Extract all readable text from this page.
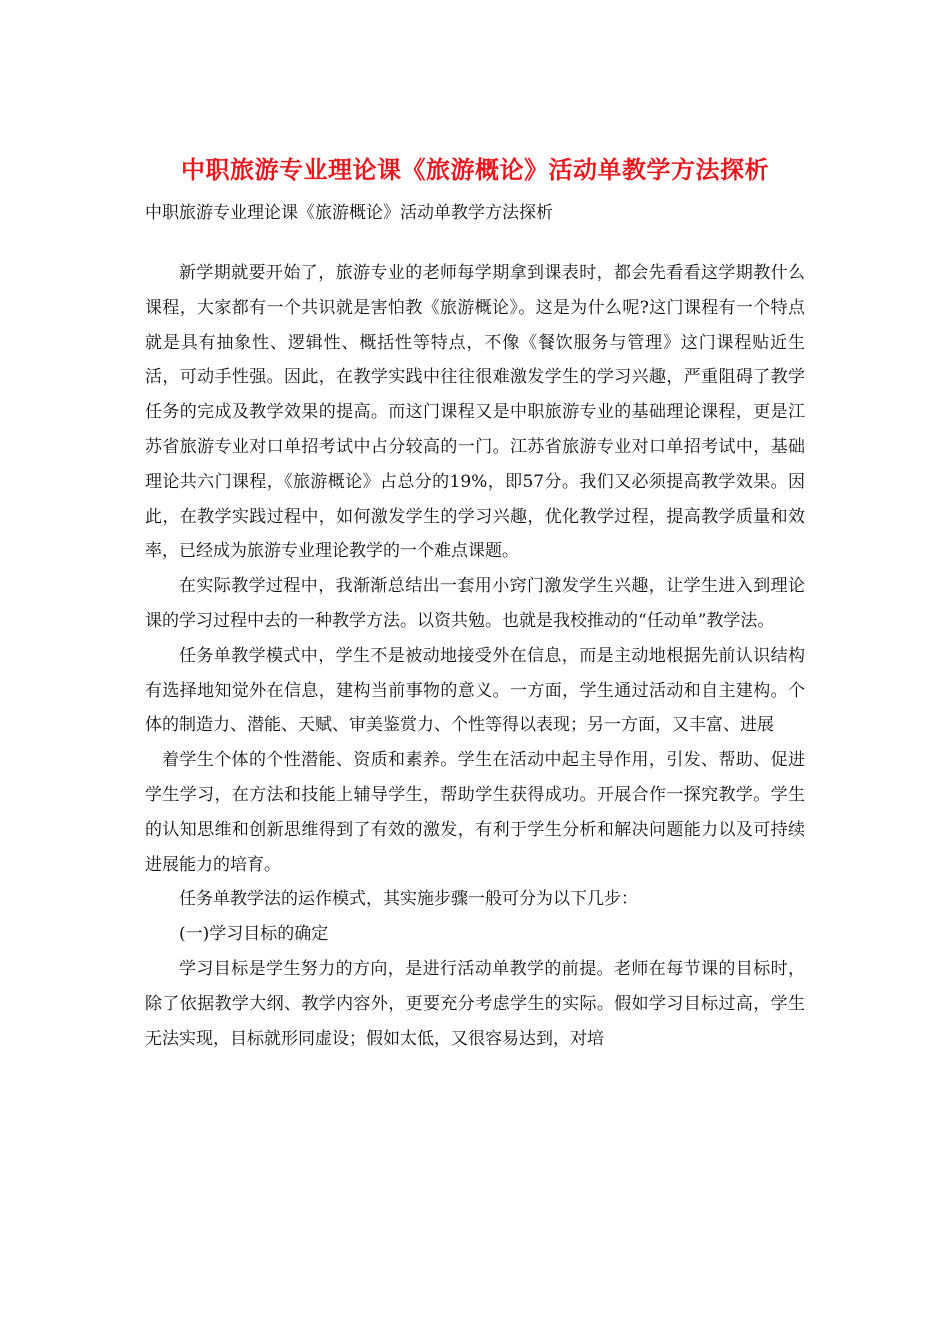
中职旅游专业理论课《旅游概论》活动单教学方法探析
中职旅游专业理论课《旅游概论》活动单教学方法探析

新学期就要开始了，旅游专业的老师每学期拿到课表时，都会先看看这学期教什么课程，大家都有一个共识就是害怕教《旅游概论》。这是为什么呢?这门课程有一个特点就是具有抽象性、逻辑性、概括性等特点，不像《餐饮服务与管理》这门课程贴近生活，可动手性强。因此，在教学实践中往往很难激发学生的学习兴趣，严重阻碍了教学任务的完成及教学效果的提高。而这门课程又是中职旅游专业的基础理论课程，更是江苏省旅游专业对口单招考试中占分较高的一门。江苏省旅游专业对口单招考试中，基础理论共六门课程，《旅游概论》占总分的19%，即57分。我们又必须提高教学效果。因此，在教学实践过程中，如何激发学生的学习兴趣，优化教学过程，提高教学质量和效率，已经成为旅游专业理论教学的一个难点课题。

在实际教学过程中，我渐渐总结出一套用小窍门激发学生兴趣，让学生进入到理论课的学习过程中去的一种教学方法。以资共勉。也就是我校推动的“任动单”教学法。

任务单教学模式中，学生不是被动地接受外在信息，而是主动地根据先前认识结构有选择地知觉外在信息，建构当前事物的意义。一方面，学生通过活动和自主建构。个体的制造力、潜能、天赋、审美鉴赏力、个性等得以表现；另一方面，又丰富、进展

着学生个体的个性潜能、资质和素养。学生在活动中起主导作用，引发、帮助、促进学生学习，在方法和技能上辅导学生，帮助学生获得成功。开展合作一探究教学。学生的认知思维和创新思维得到了有效的激发，有利于学生分析和解决问题能力以及可持续进展能力的培育。

任务单教学法的运作模式，其实施步骤一般可分为以下几步：

(一)学习目标的确定

学习目标是学生努力的方向，是进行活动单教学的前提。老师在每节课的目标时，除了依据教学大纲、教学内容外，更要充分考虑学生的实际。假如学习目标过高，学生无法实现，目标就形同虚设；假如太低，又很容易达到，对培
